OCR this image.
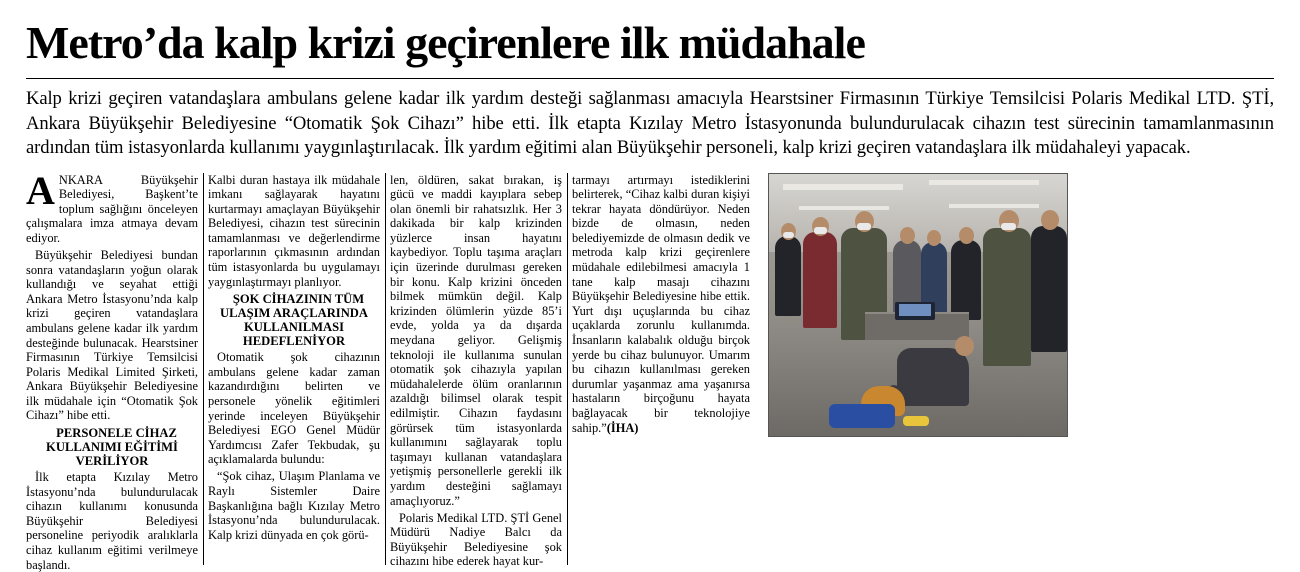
Metro’da kalp krizi geçirenlere ilk müdahale

Kalp krizi geçiren vatandaşlara ambulans gelene kadar ilk yardım desteği sağlanması amacıyla Hearstsiner Firmasının Türkiye Temsilcisi Polaris Medikal LTD. ŞTİ, Ankara Büyükşehir Belediyesine “Otomatik Şok Cihazı” hibe etti. İlk etapta Kızılay Metro İstasyonunda bulundurulacak cihazın test sürecinin tamamlanmasının ardından tüm istasyonlarda kullanımı yaygınlaştırılacak. İlk yardım eğitimi alan Büyükşehir personeli, kalp krizi geçiren vatandaşlara ilk müdahaleyi yapacak.

ANKARA Büyükşehir Belediyesi, Başkent’te toplum sağlığını önceleyen çalışmalara imza atmaya devam ediyor.

Büyükşehir Belediyesi bundan sonra vatandaşların yoğun olarak kullandığı ve seyahat ettiği Ankara Metro İstasyonu’nda kalp krizi geçiren vatandaşlara ambulans gelene kadar ilk yardım desteğinde bulunacak. Hearstsiner Firmasının Türkiye Temsilcisi Polaris Medikal Limited Şirketi, Ankara Büyükşehir Belediyesine ilk müdahale için “Otomatik Şok Cihazı” hibe etti.

PERSONELE CİHAZ KULLANIMI EĞİTİMİ VERİLİYOR

İlk etapta Kızılay Metro İstasyonu’nda bulundurulacak cihazın kullanımı konusunda Büyükşehir Belediyesi personeline periyodik aralıklarla cihaz kullanım eğitimi verilmeye başlandı.

Kalbi duran hastaya ilk müdahale imkanı sağlayarak hayatını kurtarmayı amaçlayan Büyükşehir Belediyesi, cihazın test sürecinin tamamlanması ve değerlendirme raporlarının çıkmasının ardından tüm istasyonlarda bu uygulamayı yaygınlaştırmayı planlıyor.

ŞOK CİHAZININ TÜM ULAŞIM ARAÇLARINDA KULLANILMASI HEDEFLENİYOR

Otomatik şok cihazının ambulans gelene kadar zaman kazandırdığını belirten ve personele yönelik eğitimleri yerinde inceleyen Büyükşehir Belediyesi EGO Genel Müdür Yardımcısı Zafer Tekbudak, şu açıklamalarda bulundu:

“Şok cihaz, Ulaşım Planlama ve Raylı Sistemler Daire Başkanlığına bağlı Kızılay Metro İstasyonu’nda bulundurulacak. Kalp krizi dünyada en çok görü-

len, öldüren, sakat bırakan, iş gücü ve maddi kayıplara sebep olan önemli bir rahatsızlık. Her 3 dakikada bir kalp krizinden yüzlerce insan hayatını kaybediyor. Toplu taşıma araçları için üzerinde durulması gereken bir konu. Kalp krizini önceden bilmek mümkün değil. Kalp krizinden ölümlerin yüzde 85’i evde, yolda ya da dışarda meydana geliyor. Gelişmiş teknoloji ile kullanıma sunulan otomatik şok cihazıyla yapılan müdahalelerde ölüm oranlarının azaldığı bilimsel olarak tespit edilmiştir. Cihazın faydasını görürsek tüm istasyonlarda kullanımını sağlayarak toplu taşımayı kullanan vatandaşlara yetişmiş personellerle gerekli ilk yardım desteğini sağlamayı amaçlıyoruz.”

Polaris Medikal LTD. ŞTİ Genel Müdürü Nadiye Balcı da Büyükşehir Belediyesine şok cihazını hibe ederek hayat kur-

tarmayı artırmayı istediklerini belirterek, “Cihaz kalbi duran kişiyi tekrar hayata döndürüyor. Neden bizde de olmasın, neden belediyemizde de olmasın dedik ve metroda kalp krizi geçirenlere müdahale edilebilmesi amacıyla 1 tane kalp masajı cihazını Büyükşehir Belediyesine hibe ettik. Yurt dışı uçuşlarında bu cihaz uçaklarda zorunlu kullanımda. İnsanların kalabalık olduğu birçok yerde bu cihaz bulunuyor. Umarım bu cihazın kullanılması gereken durumlar yaşanmaz ama yaşanırsa hastaların birçoğunu hayata bağlayacak bir teknolojiye sahip.”(İHA)
